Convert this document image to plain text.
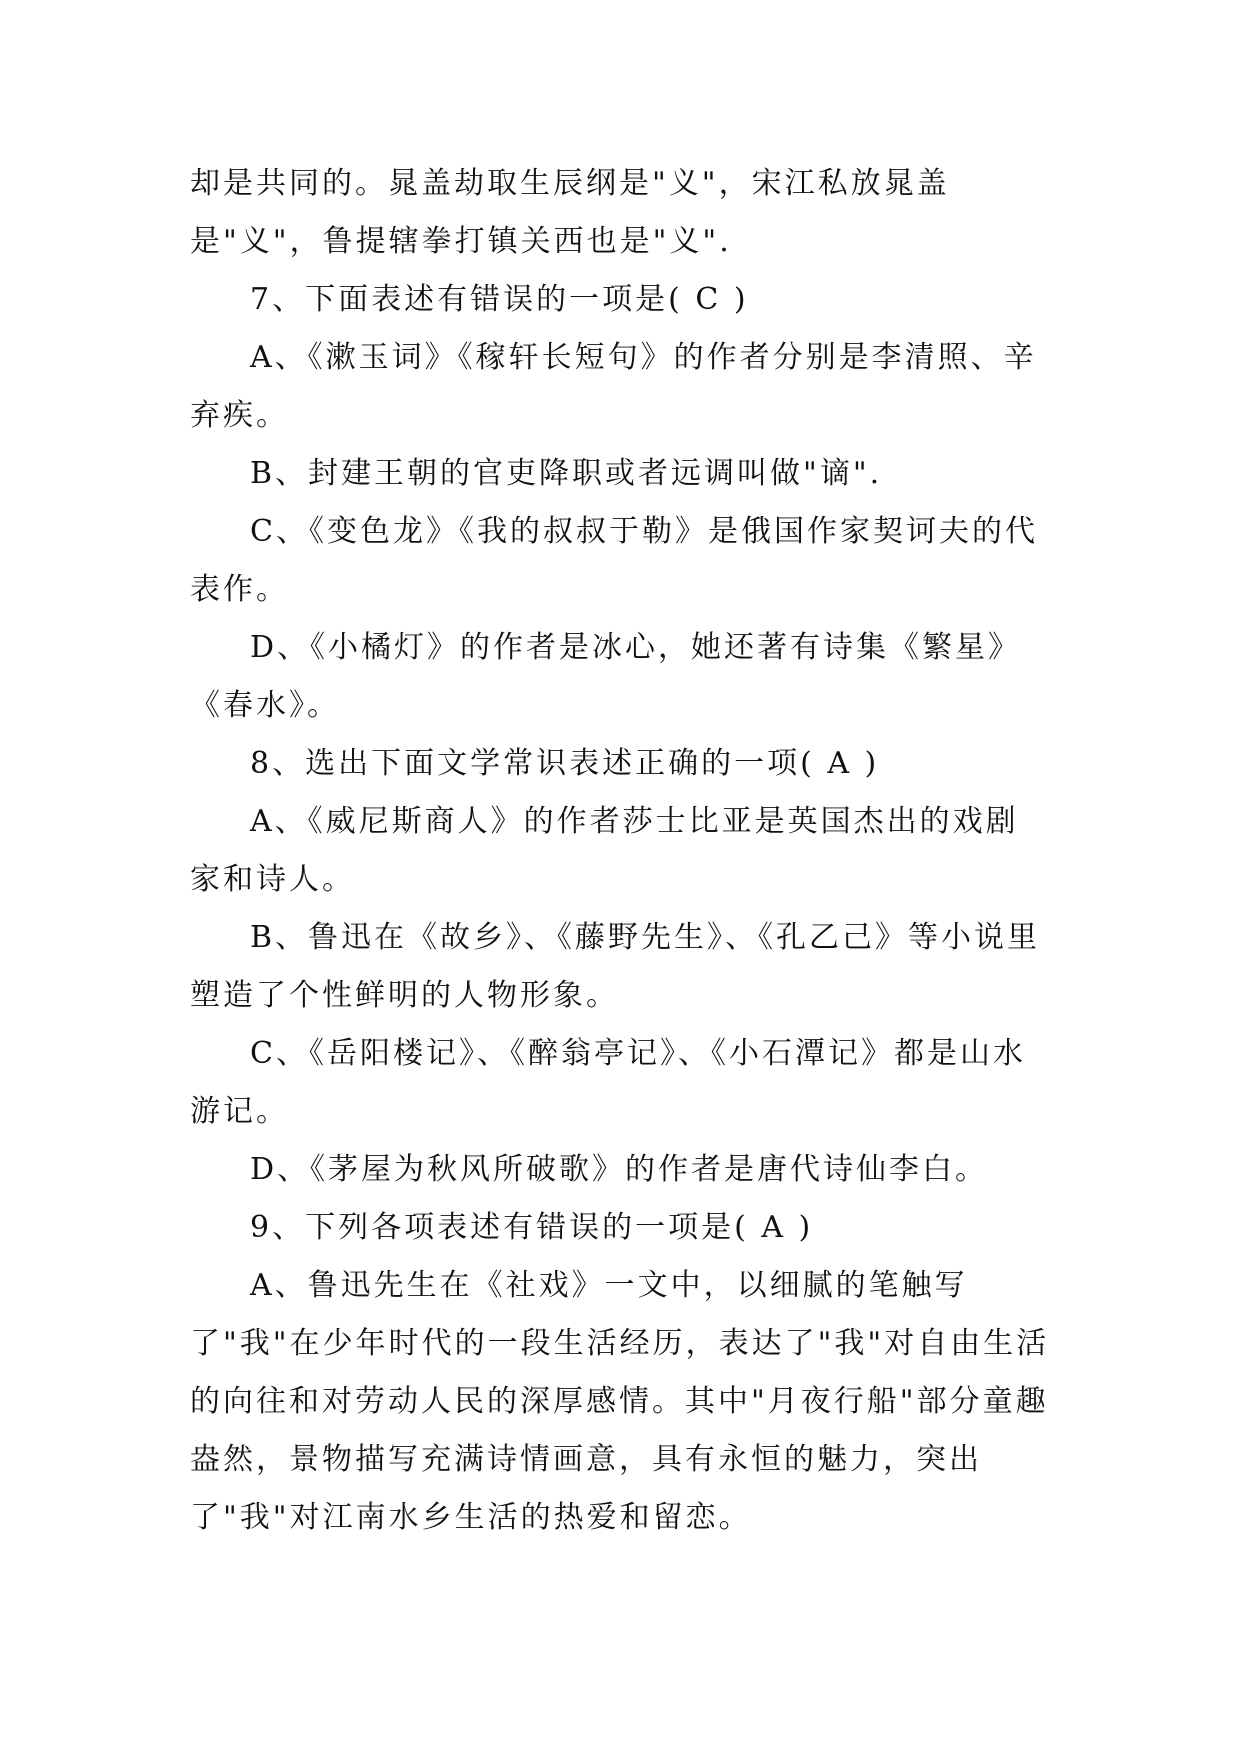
却是共同的。晁盖劫取生辰纲是"义"，宋江私放晁盖是"义"，鲁提辖拳打镇关西也是"义".

7、下面表述有错误的一项是( C )

A、《漱玉词》《稼轩长短句》的作者分别是李清照、辛弃疾。

B、封建王朝的官吏降职或者远调叫做"谪".

C、《变色龙》《我的叔叔于勒》是俄国作家契诃夫的代表作。

D、《小橘灯》的作者是冰心，她还著有诗集《繁星》《春水》。

8、选出下面文学常识表述正确的一项( A )

A、《威尼斯商人》的作者莎士比亚是英国杰出的戏剧家和诗人。

B、鲁迅在《故乡》、《藤野先生》、《孔乙己》等小说里塑造了个性鲜明的人物形象。

C、《岳阳楼记》、《醉翁亭记》、《小石潭记》都是山水游记。

D、《茅屋为秋风所破歌》的作者是唐代诗仙李白。

9、下列各项表述有错误的一项是( A )

A、鲁迅先生在《社戏》一文中，以细腻的笔触写了"我"在少年时代的一段生活经历，表达了"我"对自由生活的向往和对劳动人民的深厚感情。其中"月夜行船"部分童趣盎然，景物描写充满诗情画意，具有永恒的魅力，突出了"我"对江南水乡生活的热爱和留恋。
